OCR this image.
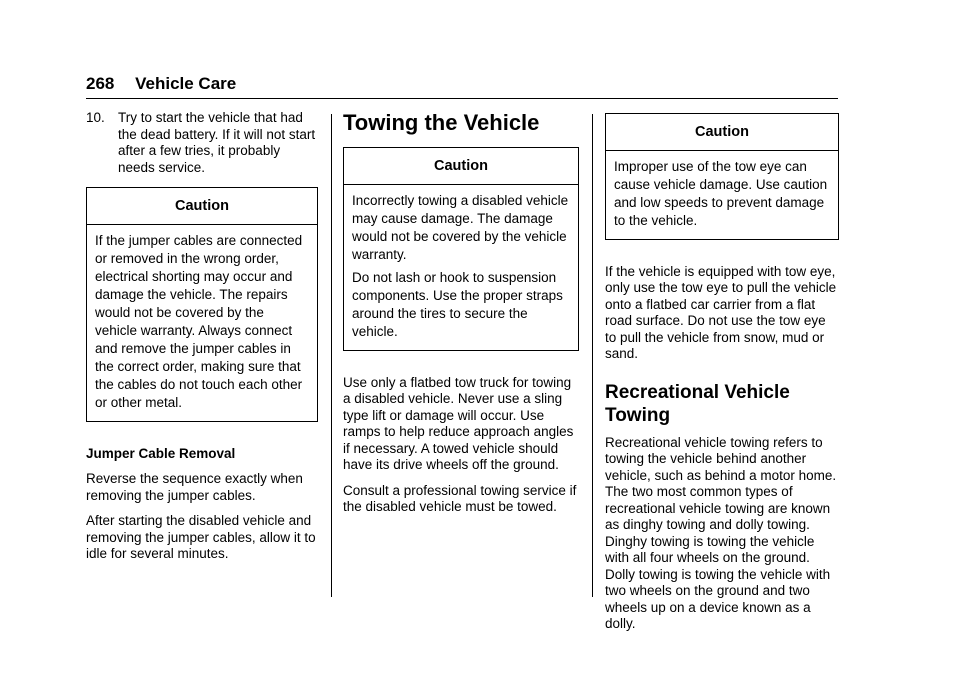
268 Vehicle Care
10. Try to start the vehicle that had the dead battery. If it will not start after a few tries, it probably needs service.
Caution

If the jumper cables are connected or removed in the wrong order, electrical shorting may occur and damage the vehicle. The repairs would not be covered by the vehicle warranty. Always connect and remove the jumper cables in the correct order, making sure that the cables do not touch each other or other metal.

Jumper Cable Removal

Reverse the sequence exactly when removing the jumper cables.

After starting the disabled vehicle and removing the jumper cables, allow it to idle for several minutes.

Towing the Vehicle
Caution

Incorrectly towing a disabled vehicle may cause damage. The damage would not be covered by the vehicle warranty.

Do not lash or hook to suspension components. Use the proper straps around the tires to secure the vehicle.

Use only a flatbed tow truck for towing a disabled vehicle. Never use a sling type lift or damage will occur. Use ramps to help reduce approach angles if necessary. A towed vehicle should have its drive wheels off the ground.

Consult a professional towing service if the disabled vehicle must be towed.

Caution

Improper use of the tow eye can cause vehicle damage. Use caution and low speeds to prevent damage to the vehicle.

If the vehicle is equipped with tow eye, only use the tow eye to pull the vehicle onto a flatbed car carrier from a flat road surface. Do not use the tow eye to pull the vehicle from snow, mud or sand.

Recreational Vehicle Towing

Recreational vehicle towing refers to towing the vehicle behind another vehicle, such as behind a motor home. The two most common types of recreational vehicle towing are known as dinghy towing and dolly towing. Dinghy towing is towing the vehicle with all four wheels on the ground. Dolly towing is towing the vehicle with two wheels on the ground and two wheels up on a device known as a dolly.
